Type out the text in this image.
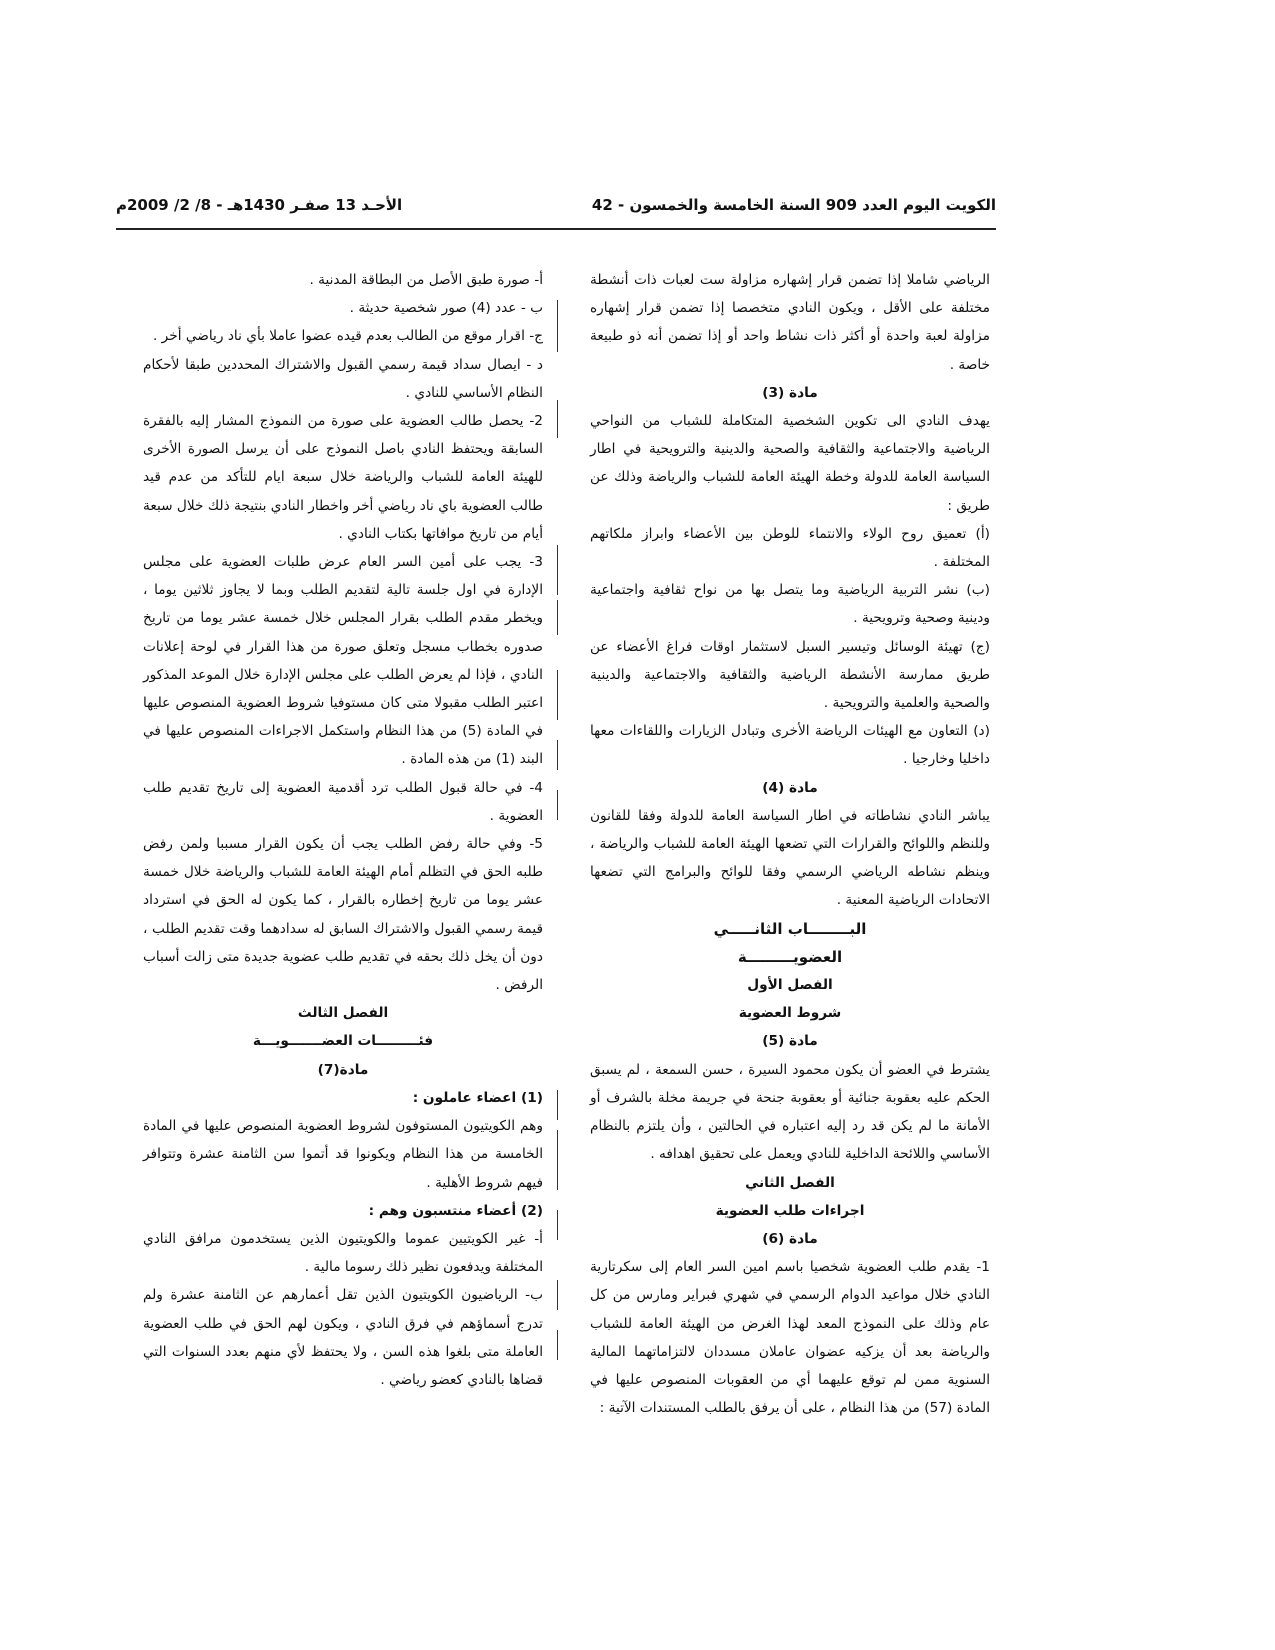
الكويت اليوم العدد 909 السنة الخامسة والخمسون - 42
الأحـد 13 صفـر 1430هـ - 8/ 2/ 2009م

الرياضي شاملا إذا تضمن قرار إشهاره مزاولة ست لعبات ذات أنشطة مختلفة على الأقل ، ويكون النادي متخصصا إذا تضمن قرار إشهاره مزاولة لعبة واحدة أو أكثر ذات نشاط واحد أو إذا تضمن أنه ذو طبيعة خاصة .

مادة (3)

يهدف النادي الى تكوين الشخصية المتكاملة للشباب من النواحي الرياضية والاجتماعية والثقافية والصحية والدينية والترويحية في اطار السياسة العامة للدولة وخطة الهيئة العامة للشباب والرياضة وذلك عن طريق :

(أ) تعميق روح الولاء والانتماء للوطن بين الأعضاء وابراز ملكاتهم المختلفة .

(ب) نشر التربية الرياضية وما يتصل بها من نواح ثقافية واجتماعية ودينية وصحية وترويحية .

(ج) تهيئة الوسائل وتيسير السبل لاستثمار اوقات فراغ الأعضاء عن طريق ممارسة الأنشطة الرياضية والثقافية والاجتماعية والدينية والصحية والعلمية والترويحية .

(د) التعاون مع الهيئات الرياضة الأخرى وتبادل الزيارات واللقاءات معها داخليا وخارجيا .

مادة (4)

يباشر النادي نشاطاته في اطار السياسة العامة للدولة وفقا للقانون وللنظم واللوائح والقرارات التي تضعها الهيئة العامة للشباب والرياضة ، وينظم نشاطه الرياضي الرسمي وفقا للوائح والبرامج التي تضعها الاتحادات الرياضية المعنية .

البــــــــاب الثانـــــي

العضويـــــــــة

الفصل الأول

شروط العضوية

مادة (5)

يشترط في العضو أن يكون محمود السيرة ، حسن السمعة ، لم يسبق الحكم عليه بعقوبة جنائية أو بعقوبة جنحة في جريمة مخلة بالشرف أو الأمانة ما لم يكن قد رد إليه اعتباره في الحالتين ، وأن يلتزم بالنظام الأساسي واللائحة الداخلية للنادي ويعمل على تحقيق اهدافه .

الفصل الثاني

اجراءات طلب العضوية

مادة (6)

1- يقدم طلب العضوية شخصيا باسم امين السر العام إلى سكرتارية النادي خلال مواعيد الدوام الرسمي في شهري فبراير ومارس من كل عام وذلك على النموذج المعد لهذا الغرض من الهيئة العامة للشباب والرياضة بعد أن يزكيه عضوان عاملان مسددان لالتزاماتهما المالية السنوية ممن لم توقع عليهما أي من العقوبات المنصوص عليها في المادة (57) من هذا النظام ، على أن يرفق بالطلب المستندات الآتية :

أ- صورة طبق الأصل من البطاقة المدنية .

ب - عدد (4) صور شخصية حديثة .

ج- اقرار موقع من الطالب بعدم قيده عضوا عاملا بأي ناد رياضي أخر .

د - ايصال سداد قيمة رسمي القبول والاشتراك المحددين طبقا لأحكام النظام الأساسي للنادي .

2- يحصل طالب العضوية على صورة من النموذج المشار إليه بالفقرة السابقة ويحتفظ النادي باصل النموذج على أن يرسل الصورة الأخرى للهيئة العامة للشباب والرياضة خلال سبعة ايام للتأكد من عدم قيد طالب العضوية باي ناد رياضي أخر واخطار النادي بنتيجة ذلك خلال سبعة أيام من تاريخ موافاتها بكتاب النادي .

3- يجب على أمين السر العام عرض طلبات العضوية على مجلس الإدارة في اول جلسة تالية لتقديم الطلب وبما لا يجاوز ثلاثين يوما ، ويخطر مقدم الطلب بقرار المجلس خلال خمسة عشر يوما من تاريخ صدوره بخطاب مسجل وتعلق صورة من هذا القرار في لوحة إعلانات النادي ، فإذا لم يعرض الطلب على مجلس الإدارة خلال الموعد المذكور اعتبر الطلب مقبولا متى كان مستوفيا شروط العضوية المنصوص عليها في المادة (5) من هذا النظام واستكمل الاجراءات المنصوص عليها في البند (1) من هذه المادة .

4- في حالة قبول الطلب ترد أقدمية العضوية إلى تاريخ تقديم طلب العضوية .

5- وفي حالة رفض الطلب يجب أن يكون القرار مسببا ولمن رفض طلبه الحق في التظلم أمام الهيئة العامة للشباب والرياضة خلال خمسة عشر يوما من تاريخ إخطاره بالقرار ، كما يكون له الحق في استرداد قيمة رسمي القبول والاشتراك السابق له سدادهما وقت تقديم الطلب ، دون أن يخل ذلك بحقه في تقديم طلب عضوية جديدة متى زالت أسباب الرفض .

الفصل الثالث

فئـــــــــات العضـــــــويـــة

مادة(7)

(1) اعضاء عاملون :

وهم الكويتيون المستوفون لشروط العضوية المنصوص عليها في المادة الخامسة من هذا النظام ويكونوا قد أتموا سن الثامنة عشرة وتتوافر فيهم شروط الأهلية .

(2) أعضاء منتسبون وهم :

أ- غير الكويتيين عموما والكويتيون الذين يستخدمون مرافق النادي المختلفة ويدفعون نظير ذلك رسوما مالية .

ب- الرياضيون الكويتيون الذين تقل أعمارهم عن الثامنة عشرة ولم تدرج أسماؤهم في فرق النادي ، ويكون لهم الحق في طلب العضوية العاملة متى بلغوا هذه السن ، ولا يحتفظ لأي منهم بعدد السنوات التي قضاها بالنادي كعضو رياضي .
